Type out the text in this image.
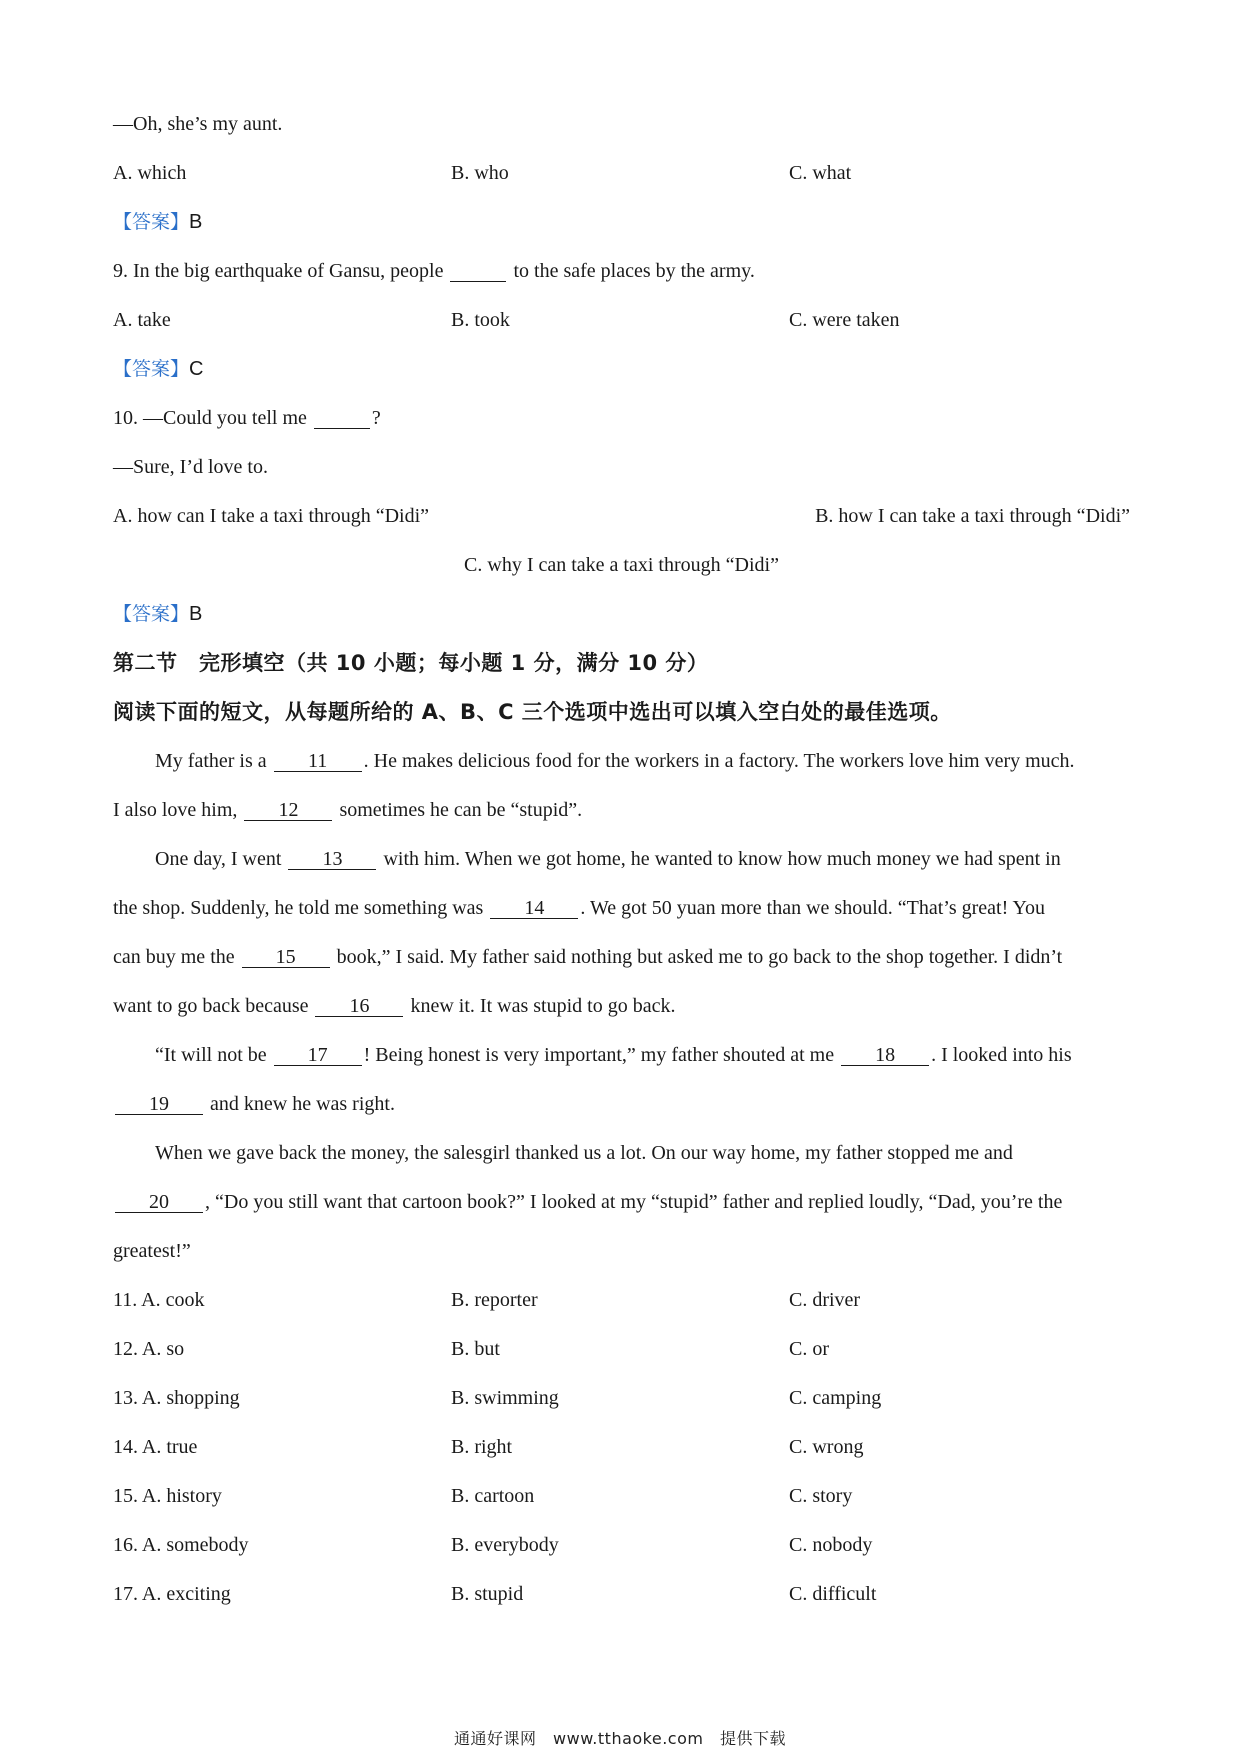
—Oh, she’s my aunt.
A. which	B. who	C. what
【答案】B
9. In the big earthquake of Gansu, people	to the safe places by the army.
A. take	B. took	C. were taken
【答案】C
10. —Could you tell me	?
—Sure, I’d love to.
A. how can I take a taxi through “Didi”	B. how I can take a taxi through “Didi”
C. why I can take a taxi through “Didi”
【答案】B
第二节　完形填空（共 10 小题；每小题 1 分，满分 10 分）
阅读下面的短文，从每题所给的 A、B、C 三个选项中选出可以填入空白处的最佳选项。
My father is a 11 . He makes delicious food for the workers in a factory. The workers love him very much.
I also love him, 12 sometimes he can be “stupid”.
One day, I went 13 with him. When we got home, he wanted to know how much money we had spent in
the shop. Suddenly, he told me something was 14 . We got 50 yuan more than we should. “That’s great! You
can buy me the 15 book,” I said. My father said nothing but asked me to go back to the shop together. I didn’t
want to go back because 16 knew it. It was stupid to go back.
“It will not be 17 ! Being honest is very important,” my father shouted at me 18 . I looked into his
19 and knew he was right.
When we gave back the money, the salesgirl thanked us a lot. On our way home, my father stopped me and
20 , “Do you still want that cartoon book?” I looked at my “stupid” father and replied loudly, “Dad, you’re the
greatest!”
11. A. cook	B. reporter	C. driver
12. A. so	B. but	C. or
13. A. shopping	B. swimming	C. camping
14. A. true	B. right	C. wrong
15. A. history	B. cartoon	C. story
16. A. somebody	B. everybody	C. nobody
17. A. exciting	B. stupid	C. difficult
通通好课网　www.tthaoke.com　提供下载
